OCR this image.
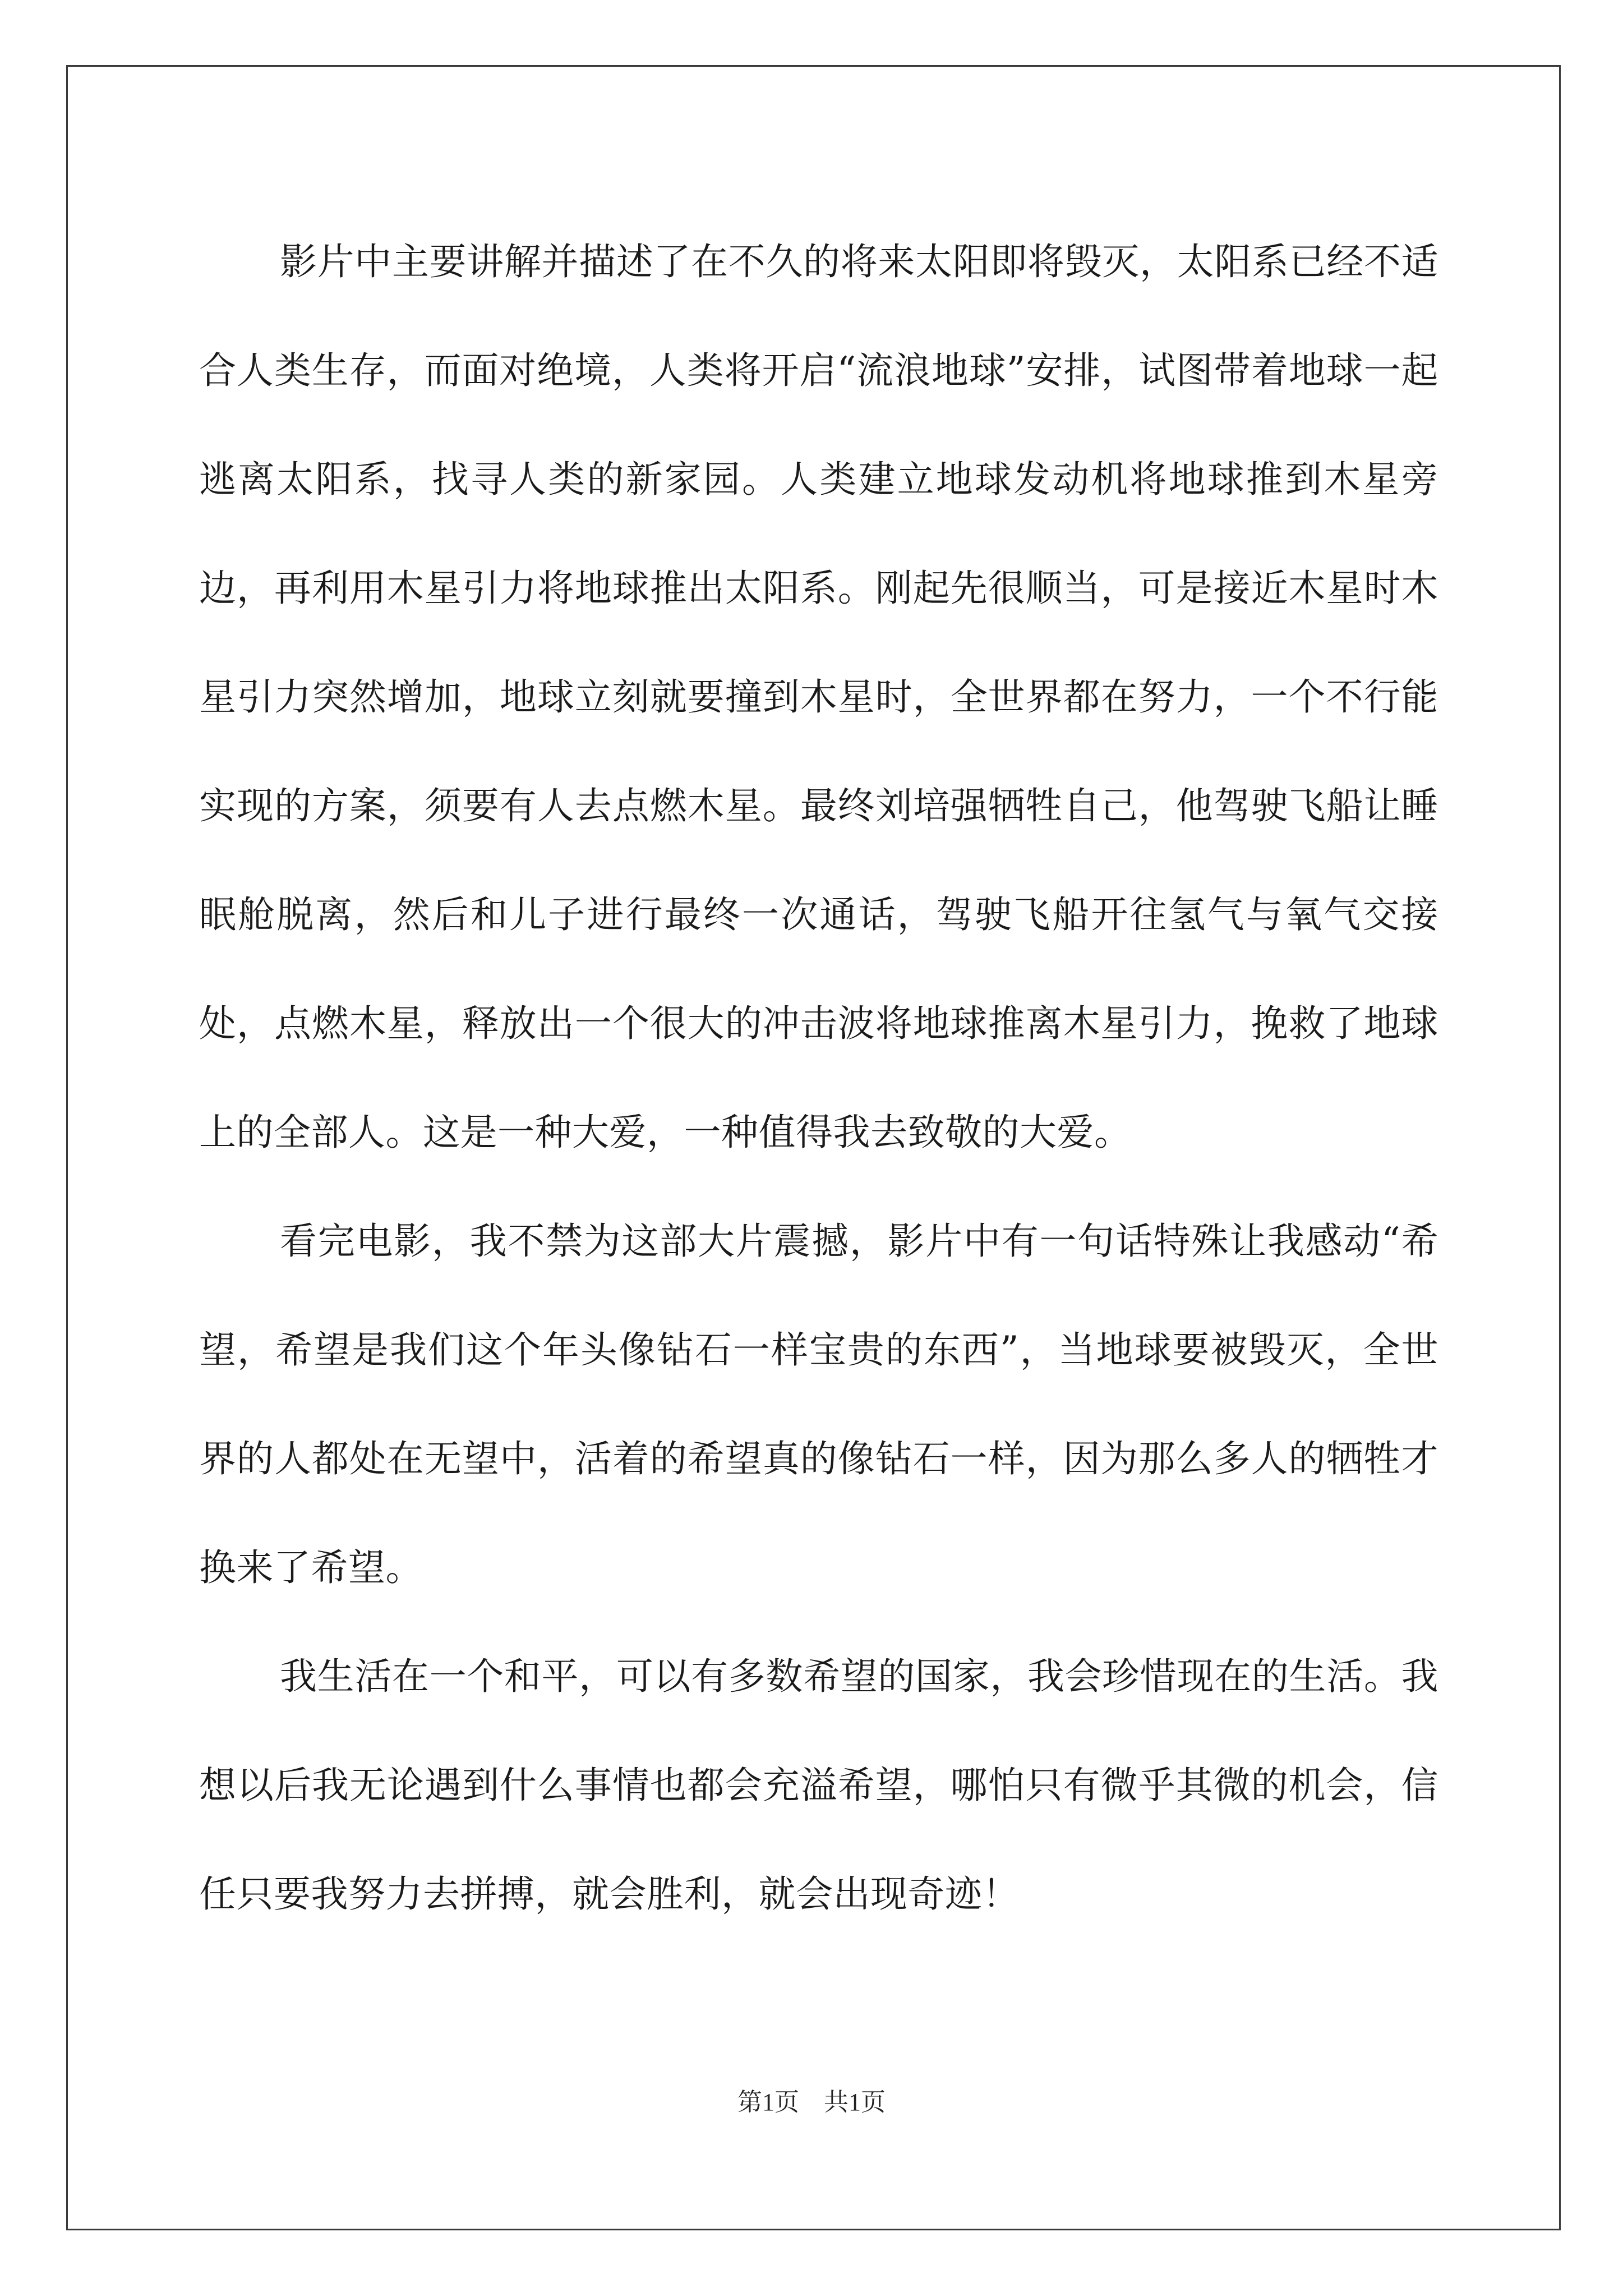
影片中主要讲解并描述了在不久的将来太阳即将毁灭，太阳系已经不适合人类生存，而面对绝境，人类将开启“流浪地球”安排，试图带着地球一起逃离太阳系，找寻人类的新家园。人类建立地球发动机将地球推到木星旁边，再利用木星引力将地球推出太阳系。刚起先很顺当，可是接近木星时木星引力突然增加，地球立刻就要撞到木星时，全世界都在努力，一个不行能实现的方案，须要有人去点燃木星。最终刘培强牺牲自己，他驾驶飞船让睡眠舱脱离，然后和儿子进行最终一次通话，驾驶飞船开往氢气与氧气交接处，点燃木星，释放出一个很大的冲击波将地球推离木星引力，挽救了地球上的全部人。这是一种大爱，一种值得我去致敬的大爱。

看完电影，我不禁为这部大片震撼，影片中有一句话特殊让我感动“希望，希望是我们这个年头像钻石一样宝贵的东西”，当地球要被毁灭，全世界的人都处在无望中，活着的希望真的像钻石一样，因为那么多人的牺牲才换来了希望。

我生活在一个和平，可以有多数希望的国家，我会珍惜现在的生活。我想以后我无论遇到什么事情也都会充溢希望，哪怕只有微乎其微的机会，信任只要我努力去拼搏，就会胜利，就会出现奇迹！

第1页 共1页
